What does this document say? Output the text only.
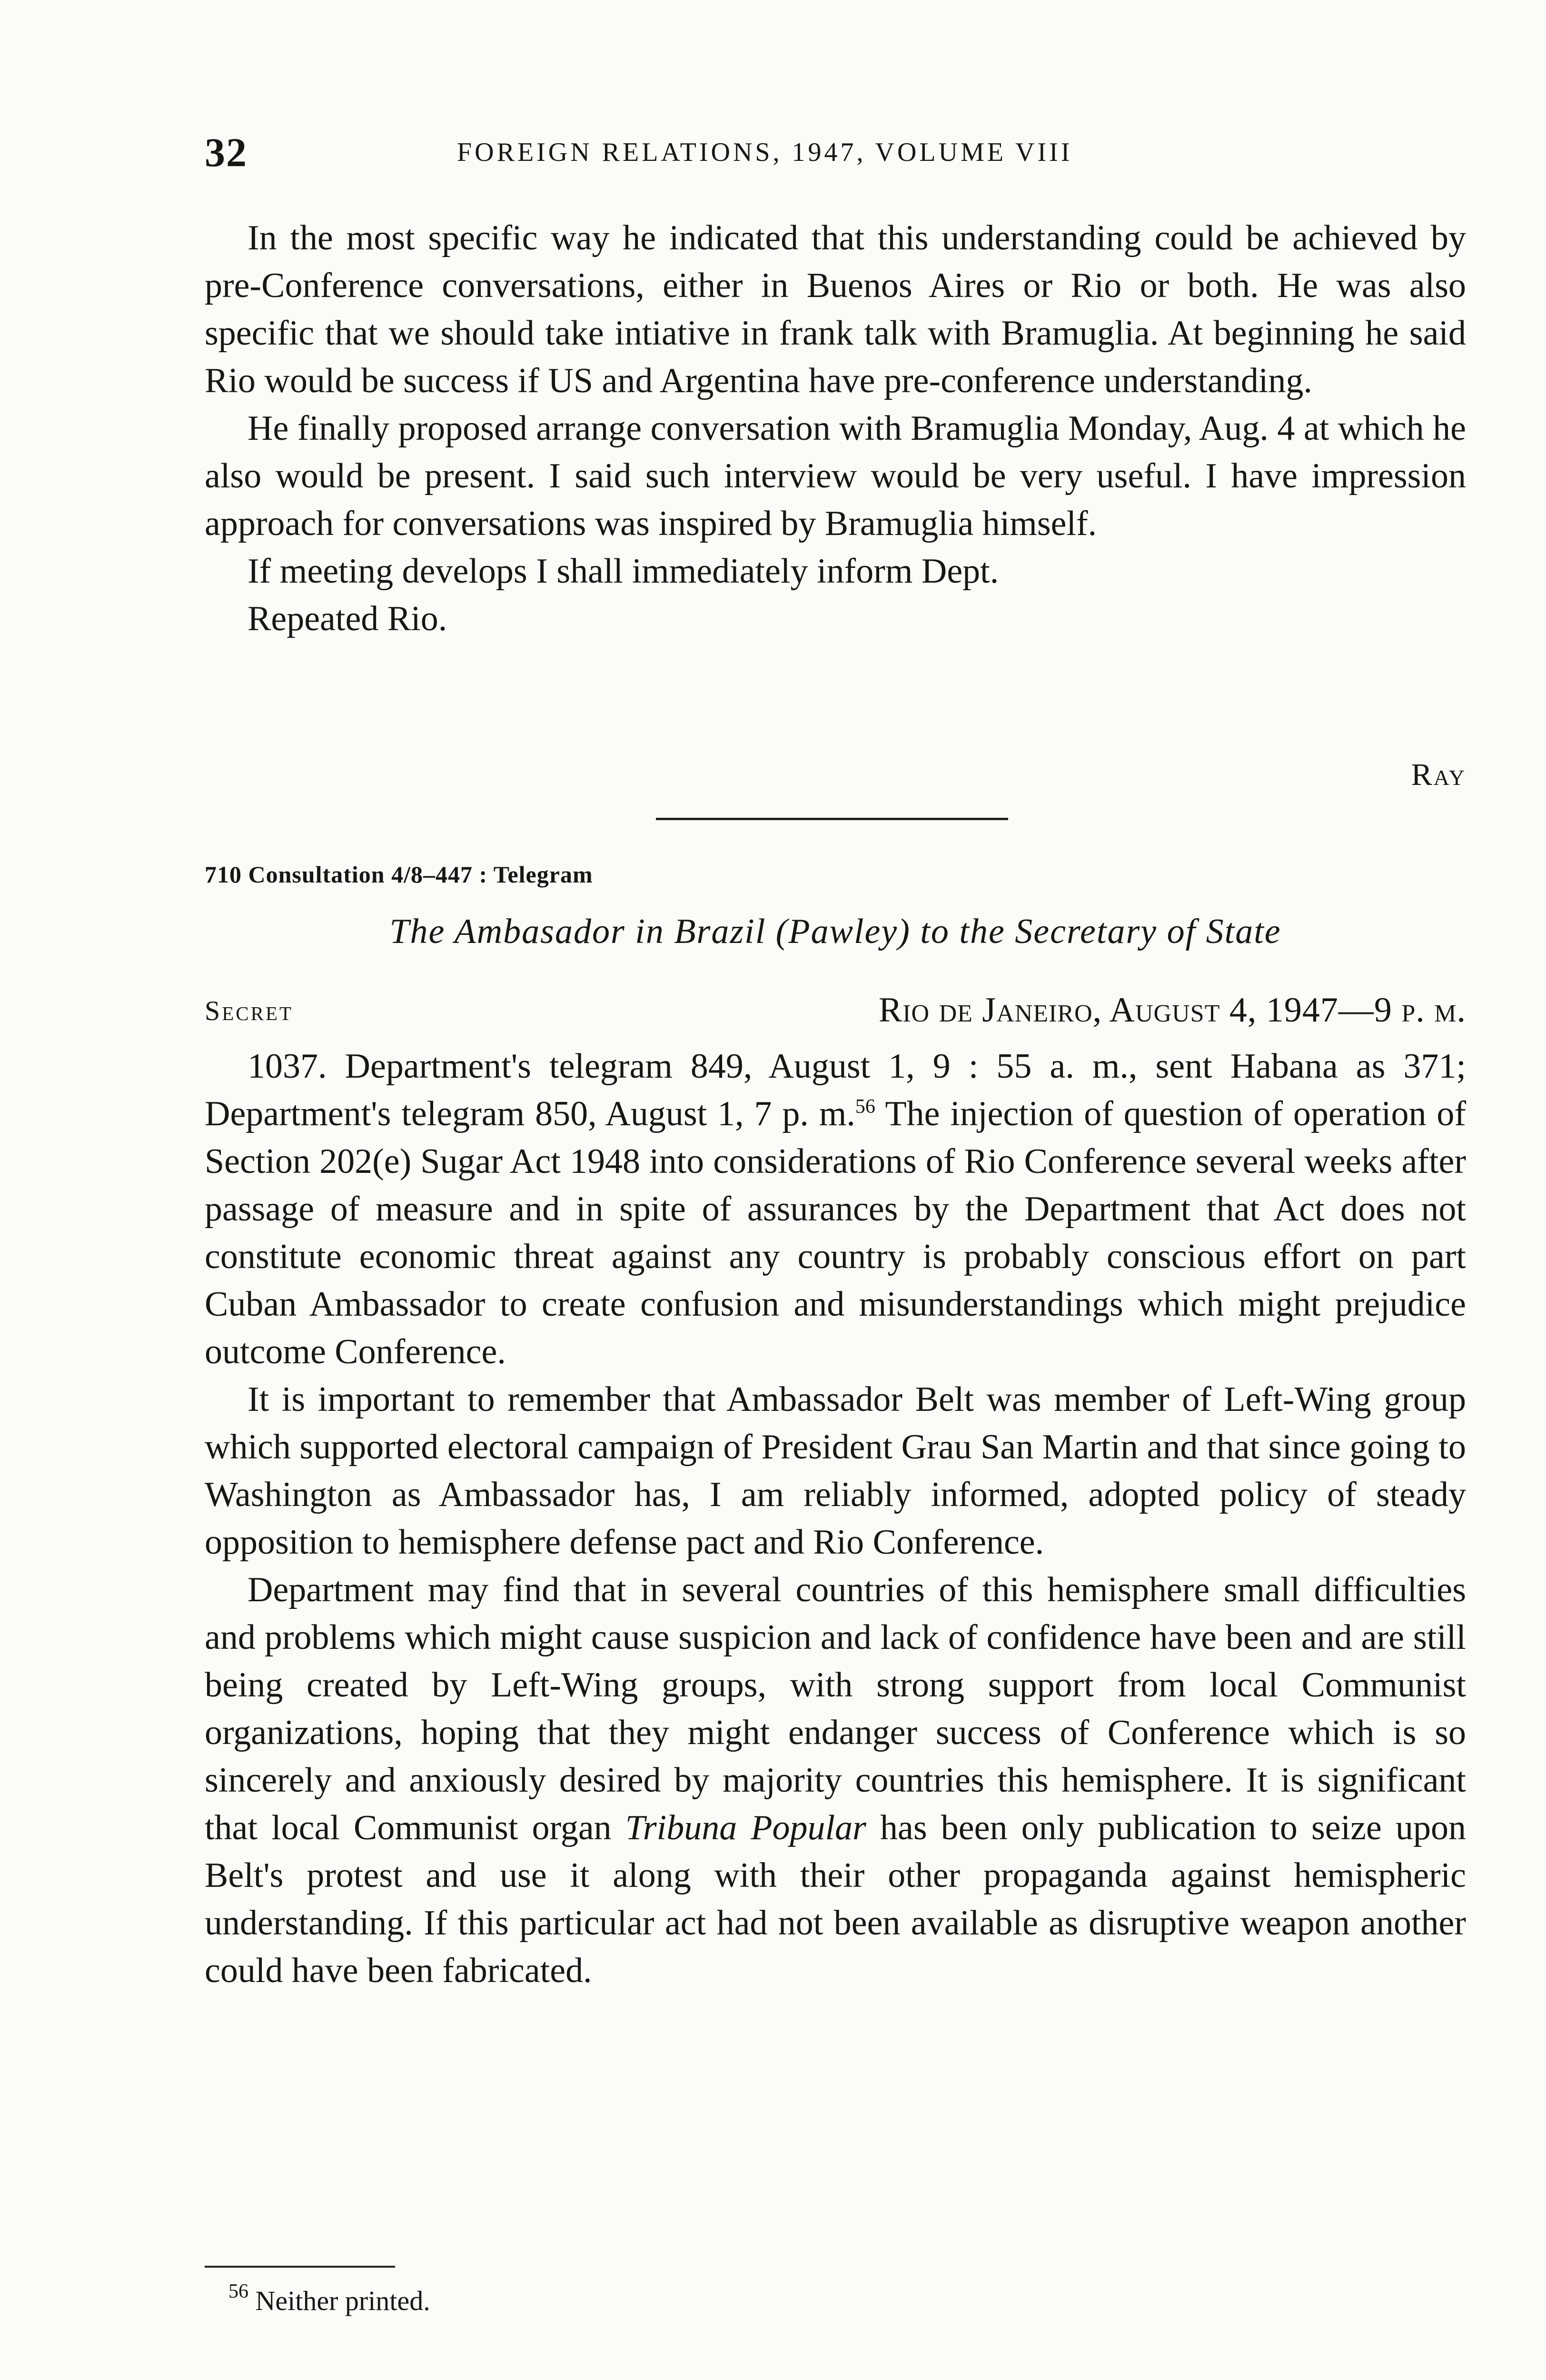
32	FOREIGN RELATIONS, 1947, VOLUME VIII

In the most specific way he indicated that this understanding could be achieved by pre-Conference conversations, either in Buenos Aires or Rio or both. He was also specific that we should take intiative in frank talk with Bramuglia. At beginning he said Rio would be success if US and Argentina have pre-conference understanding.

He finally proposed arrange conversation with Bramuglia Monday, Aug. 4 at which he also would be present. I said such interview would be very useful. I have impression approach for conversations was inspired by Bramuglia himself.

If meeting develops I shall immediately inform Dept.

Repeated Rio.

Ray
710 Consultation 4/8–447 : Telegram
The Ambasador in Brazil (Pawley) to the Secretary of State
Secret	Rio de Janeiro, August 4, 1947—9 p. m.

1037. Department's telegram 849, August 1, 9 : 55 a. m., sent Habana as 371; Department's telegram 850, August 1, 7 p. m.$^{56}$ The injection of question of operation of Section 202(e) Sugar Act 1948 into considerations of Rio Conference several weeks after passage of measure and in spite of assurances by the Department that Act does not constitute economic threat against any country is probably conscious effort on part Cuban Ambassador to create confusion and misunderstandings which might prejudice outcome Conference.

It is important to remember that Ambassador Belt was member of Left-Wing group which supported electoral campaign of President Grau San Martin and that since going to Washington as Ambassador has, I am reliably informed, adopted policy of steady opposition to hemisphere defense pact and Rio Conference.

Department may find that in several countries of this hemisphere small difficulties and problems which might cause suspicion and lack of confidence have been and are still being created by Left-Wing groups, with strong support from local Communist organizations, hoping that they might endanger success of Conference which is so sincerely and anxiously desired by majority countries this hemisphere. It is significant that local Communist organ Tribuna Popular has been only publication to seize upon Belt's protest and use it along with their other propaganda against hemispheric understanding. If this particular act had not been available as disruptive weapon another could have been fabricated.

$^{56}$ Neither printed.
